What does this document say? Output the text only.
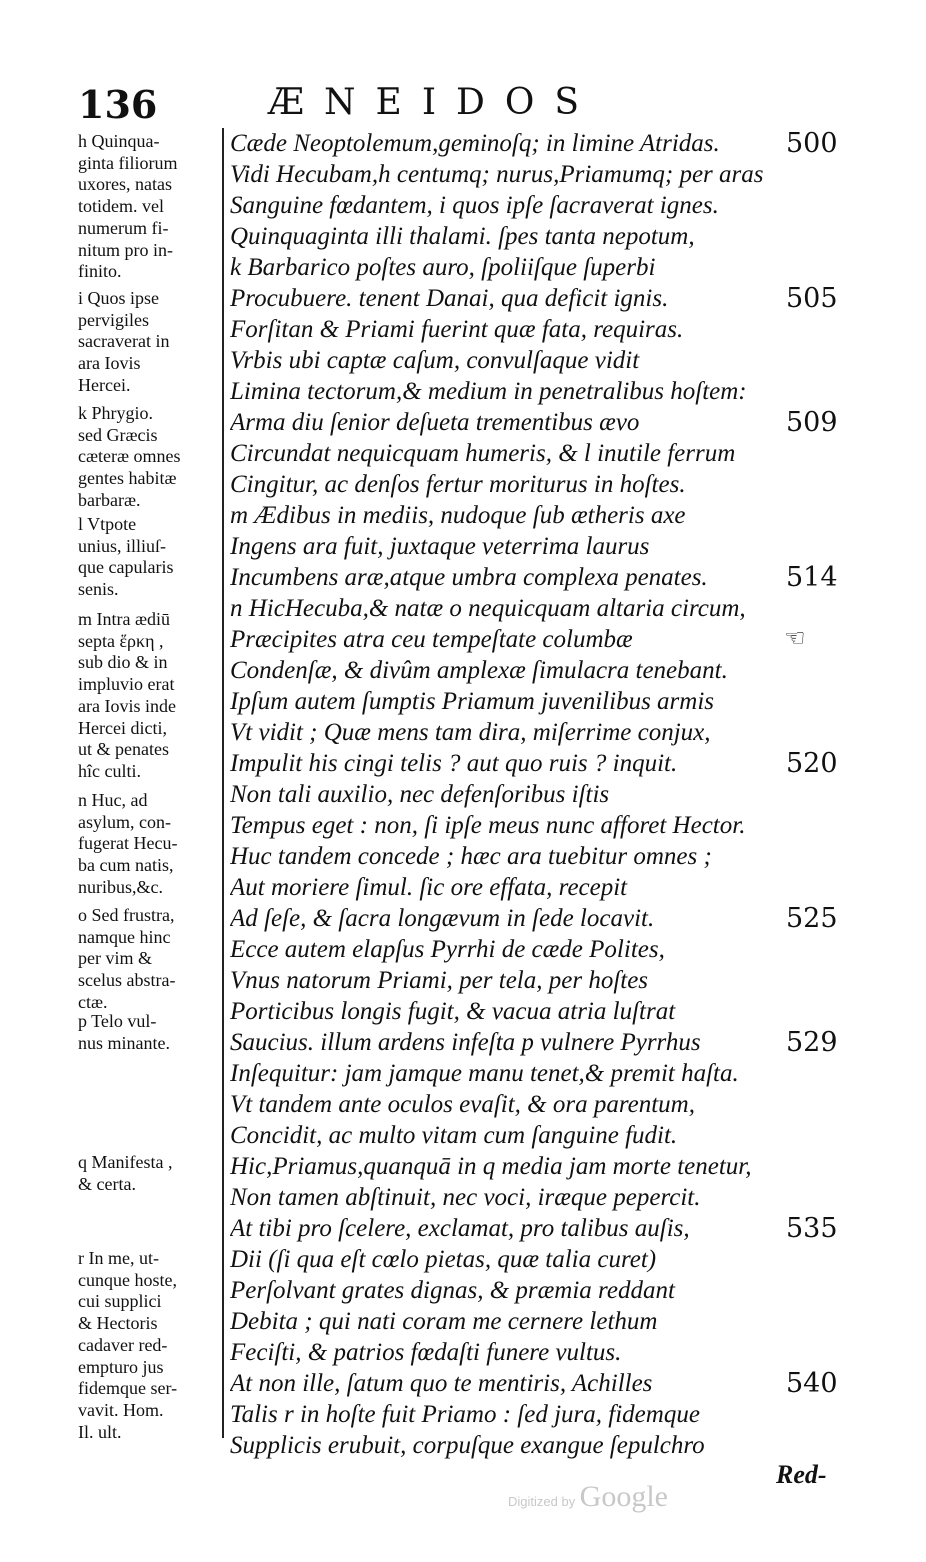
136	ÆNEIDOS
h Quinqua-
ginta filiorum
uxores, natas
totidem. vel
numerum fi-
nitum pro in-
finito.
i Quos ipse
pervigiles
sacraverat in
ara Iovis
Hercei.
k Phrygio.
sed Græcis
cæteræ omnes
gentes habitæ
barbaræ.
l Vtpote
unius, illiuſ-
que capularis
senis.
m Intra ædiū
septa ἕρκη ,
sub dio & in
impluvio erat
ara Iovis inde
Hercei dicti,
ut & penates
hîc culti.
n Huc, ad
asylum, con-
fugerat Hecu-
ba cum natis,
nuribus,&c.
o Sed frustra,
namque hinc
per vim &
scelus abstra-
ctæ.
p Telo vul-
nus minante.
q Manifesta ,
& certa.
r In me, ut-
cunque hoste,
cui supplici
& Hectoris
cadaver red-
empturo jus
fidemque ser-
vavit. Hom.
Il. ult.
Cæde Neoptolemum,geminoſq; in limine Atridas.
Vidi Hecubam,h centumq; nurus,Priamumq; per aras
Sanguine fœdantem, i quos ipſe ſacraverat ignes.
Quinquaginta illi thalami. ſpes tanta nepotum,
k Barbarico poſtes auro, ſpoliiſque ſuperbi
Procubuere. tenent Danai, qua deficit ignis.
Forſitan & Priami fuerint quæ fata, requiras.
Vrbis ubi captæ caſum, convulſaque vidit
Limina tectorum,& medium in penetralibus hoſtem:
Arma diu ſenior deſueta trementibus ævo
Circundat nequicquam humeris, & l inutile ferrum
Cingitur, ac denſos fertur moriturus in hoſtes.
m Ædibus in mediis, nudoque ſub ætheris axe
Ingens ara fuit, juxtaque veterrima laurus
Incumbens aræ,atque umbra complexa penates.
n HicHecuba,& natæ o nequicquam altaria circum,
Præcipites atra ceu tempeſtate columbæ
Condenſæ, & divûm amplexæ ſimulacra tenebant.
Ipſum autem ſumptis Priamum juvenilibus armis
Vt vidit ; Quæ mens tam dira, miſerrime conjux,
Impulit his cingi telis ? aut quo ruis ? inquit.
Non tali auxilio, nec defenſoribus iſtis
Tempus eget : non, ſi ipſe meus nunc afforet Hector.
Huc tandem concede ; hæc ara tuebitur omnes ;
Aut moriere ſimul. ſic ore effata, recepit
Ad ſeſe, & ſacra longævum in ſede locavit.
Ecce autem elapſus Pyrrhi de cæde Polites,
Vnus natorum Priami, per tela, per hoſtes
Porticibus longis fugit, & vacua atria luſtrat
Saucius. illum ardens infeſta p vulnere Pyrrhus
Inſequitur: jam jamque manu tenet,& premit haſta.
Vt tandem ante oculos evaſit, & ora parentum,
Concidit, ac multo vitam cum ſanguine fudit.
Hic,Priamus,quanquā in q media jam morte tenetur,
Non tamen abſtinuit, nec voci, iræque pepercit.
At tibi pro ſcelere, exclamat, pro talibus auſis,
Dii (ſi qua eſt cœlo pietas, quæ talia curet)
Perſolvant grates dignas, & præmia reddant
Debita ; qui nati coram me cernere lethum
Feciſti, & patrios fœdaſti funere vultus.
At non ille, ſatum quo te mentiris, Achilles
Talis r in hoſte fuit Priamo : ſed jura, fidemque
Supplicis erubuit, corpuſque exangue ſepulchro
500
505
509
514
520
525
529
535
540
☜
Red-
Digitized by Google
